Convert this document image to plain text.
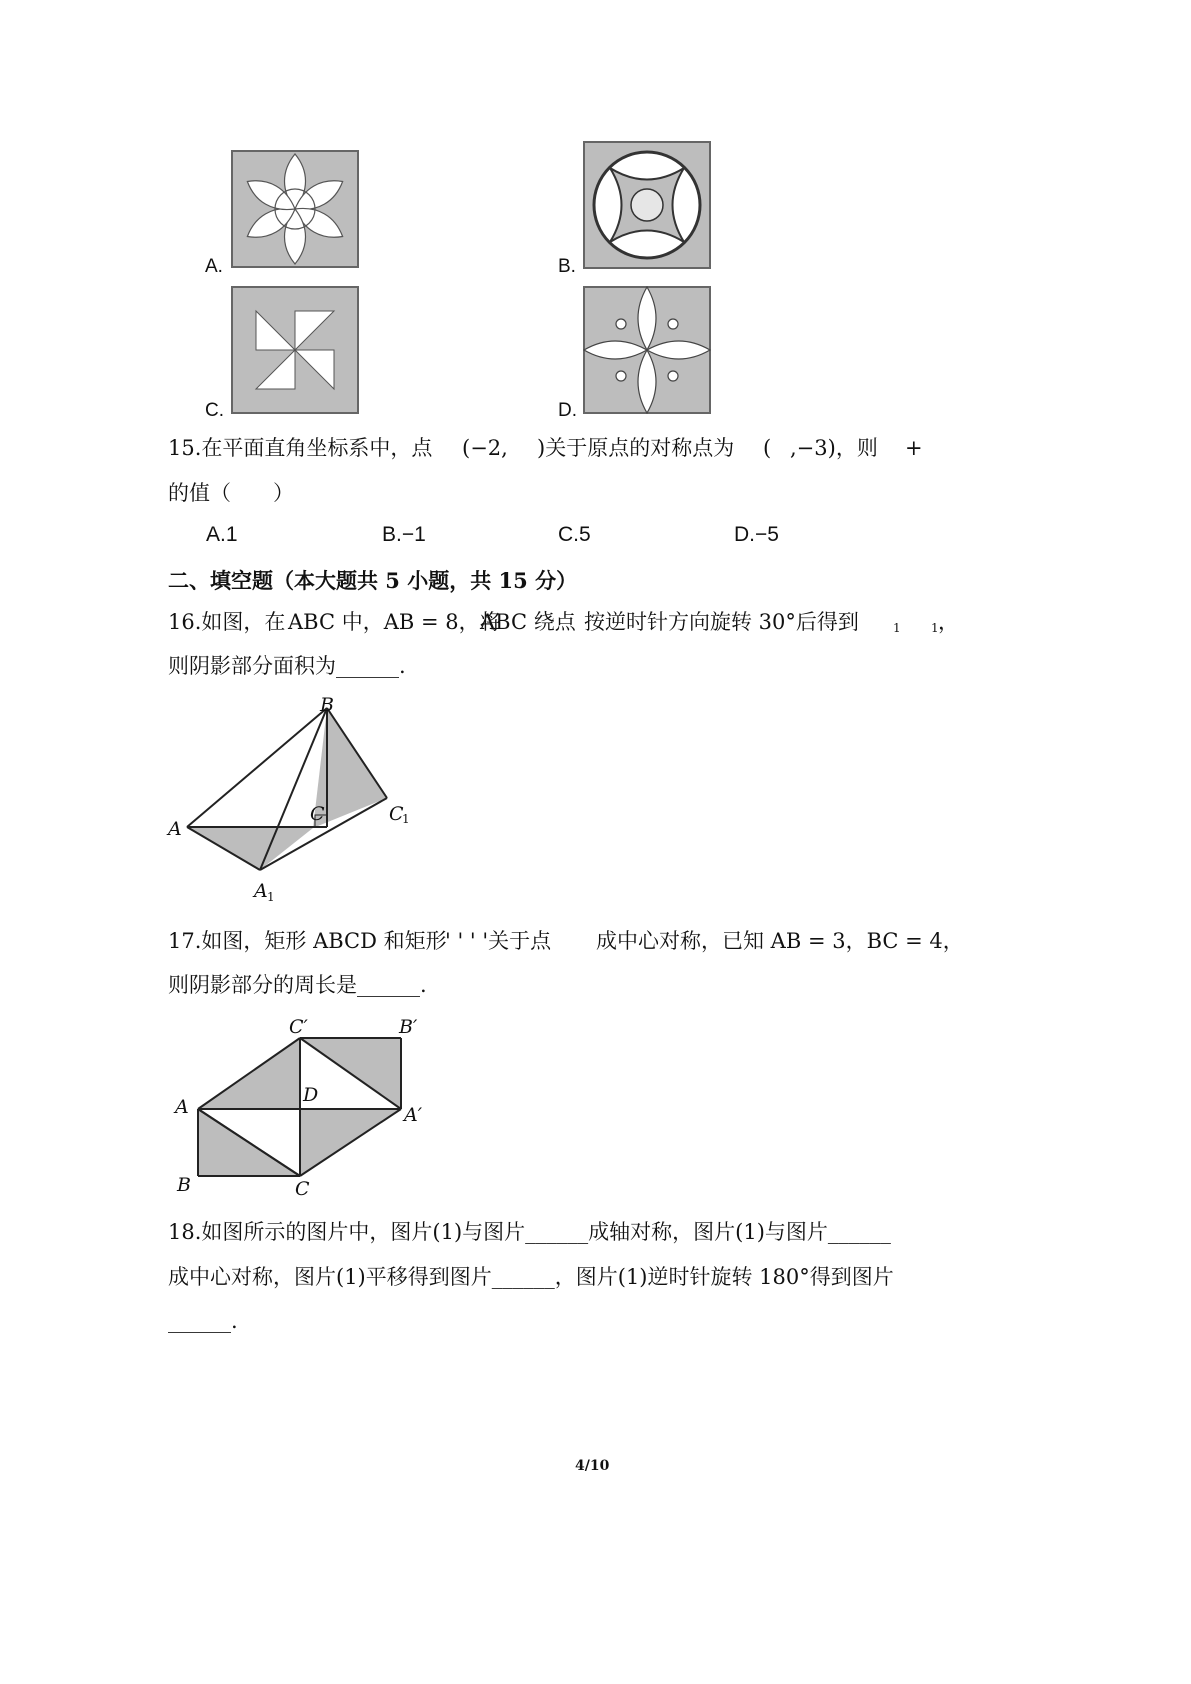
A.	B.
C.	D.
15.在平面直角坐标系中，点 (−2, )关于原点的对称点为 ( ,−3)，则 +
的值（　　）
A.1	B.−1	C.5	D.−5
二、填空题（本大题共 5 小题，共 15 分）
16.如图，在 ABC 中，AB = 8，将
ABC 绕点 按逆时针方向旋转 30°后得到	1	1 ，
则阴影部分面积为______.
B
C	C
1
A
A 1
17.如图，矩形 ABCD 和矩形
' ' ' '关于点 成中心对称，已知 AB = 3，BC = 4，
则阴影部分的周长是______.
C′	B′
A
D
A′
B	C
18.如图所示的图片中，图片(1)与图片______成轴对称，图片(1)与图片______
成中心对称，图片(1)平移得到图片______，图片(1)逆时针旋转 180°得到图片
______.
4/10
